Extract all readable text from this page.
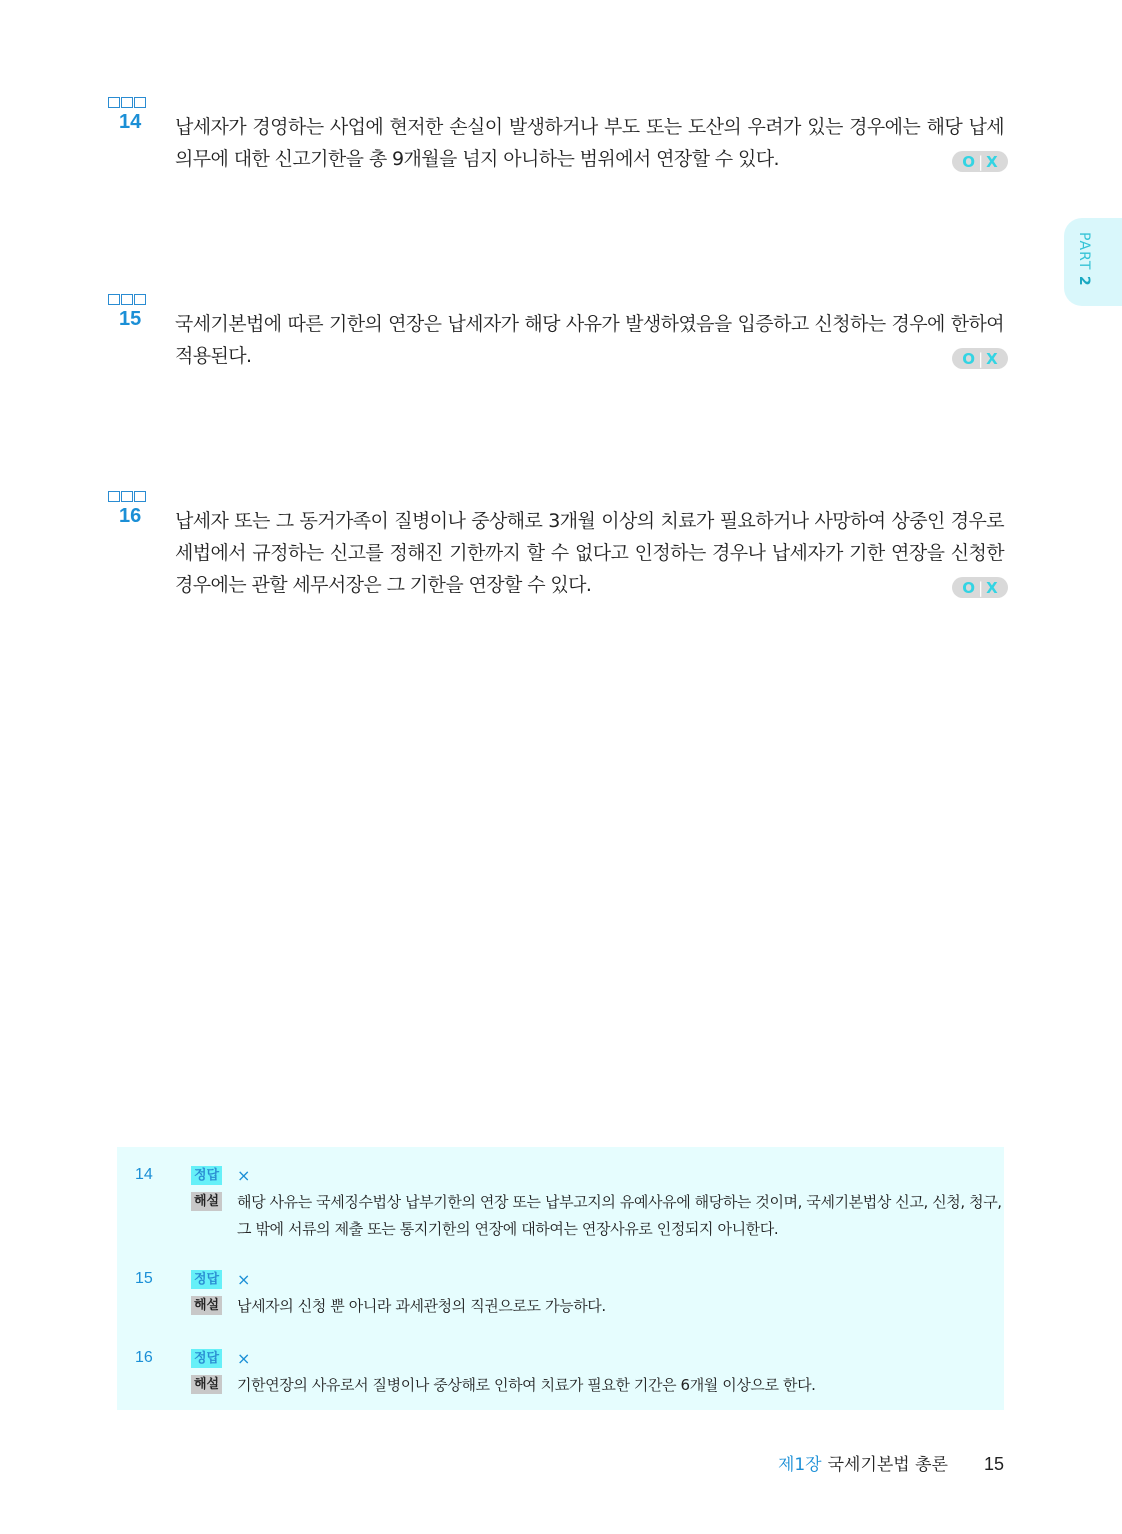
PART 2
14 납세자가 경영하는 사업에 현저한 손실이 발생하거나 부도 또는 도산의 우려가 있는 경우에는 해당 납세의무에 대한 신고기한을 총 9개월을 넘지 아니하는 범위에서 연장할 수 있다.	O | X
15 국세기본법에 따른 기한의 연장은 납세자가 해당 사유가 발생하였음을 입증하고 신청하는 경우에 한하여 적용된다.	O | X
16 납세자 또는 그 동거가족이 질병이나 중상해로 3개월 이상의 치료가 필요하거나 사망하여 상중인 경우로 세법에서 규정하는 신고를 정해진 기한까지 할 수 없다고 인정하는 경우나 납세자가 기한 연장을 신청한 경우에는 관할 세무서장은 그 기한을 연장할 수 있다.	O | X
14	정답 ×
해설 해당 사유는 국세징수법상 납부기한의 연장 또는 납부고지의 유예사유에 해당하는 것이며, 국세기본법상 신고, 신청, 청구, 그 밖에 서류의 제출 또는 통지기한의 연장에 대하여는 연장사유로 인정되지 아니한다.
15	정답 ×
해설 납세자의 신청 뿐 아니라 과세관청의 직권으로도 가능하다.
16	정답 ×
해설 기한연장의 사유로서 질병이나 중상해로 인하여 치료가 필요한 기간은 6개월 이상으로 한다.
제1장 국세기본법 총론 15
